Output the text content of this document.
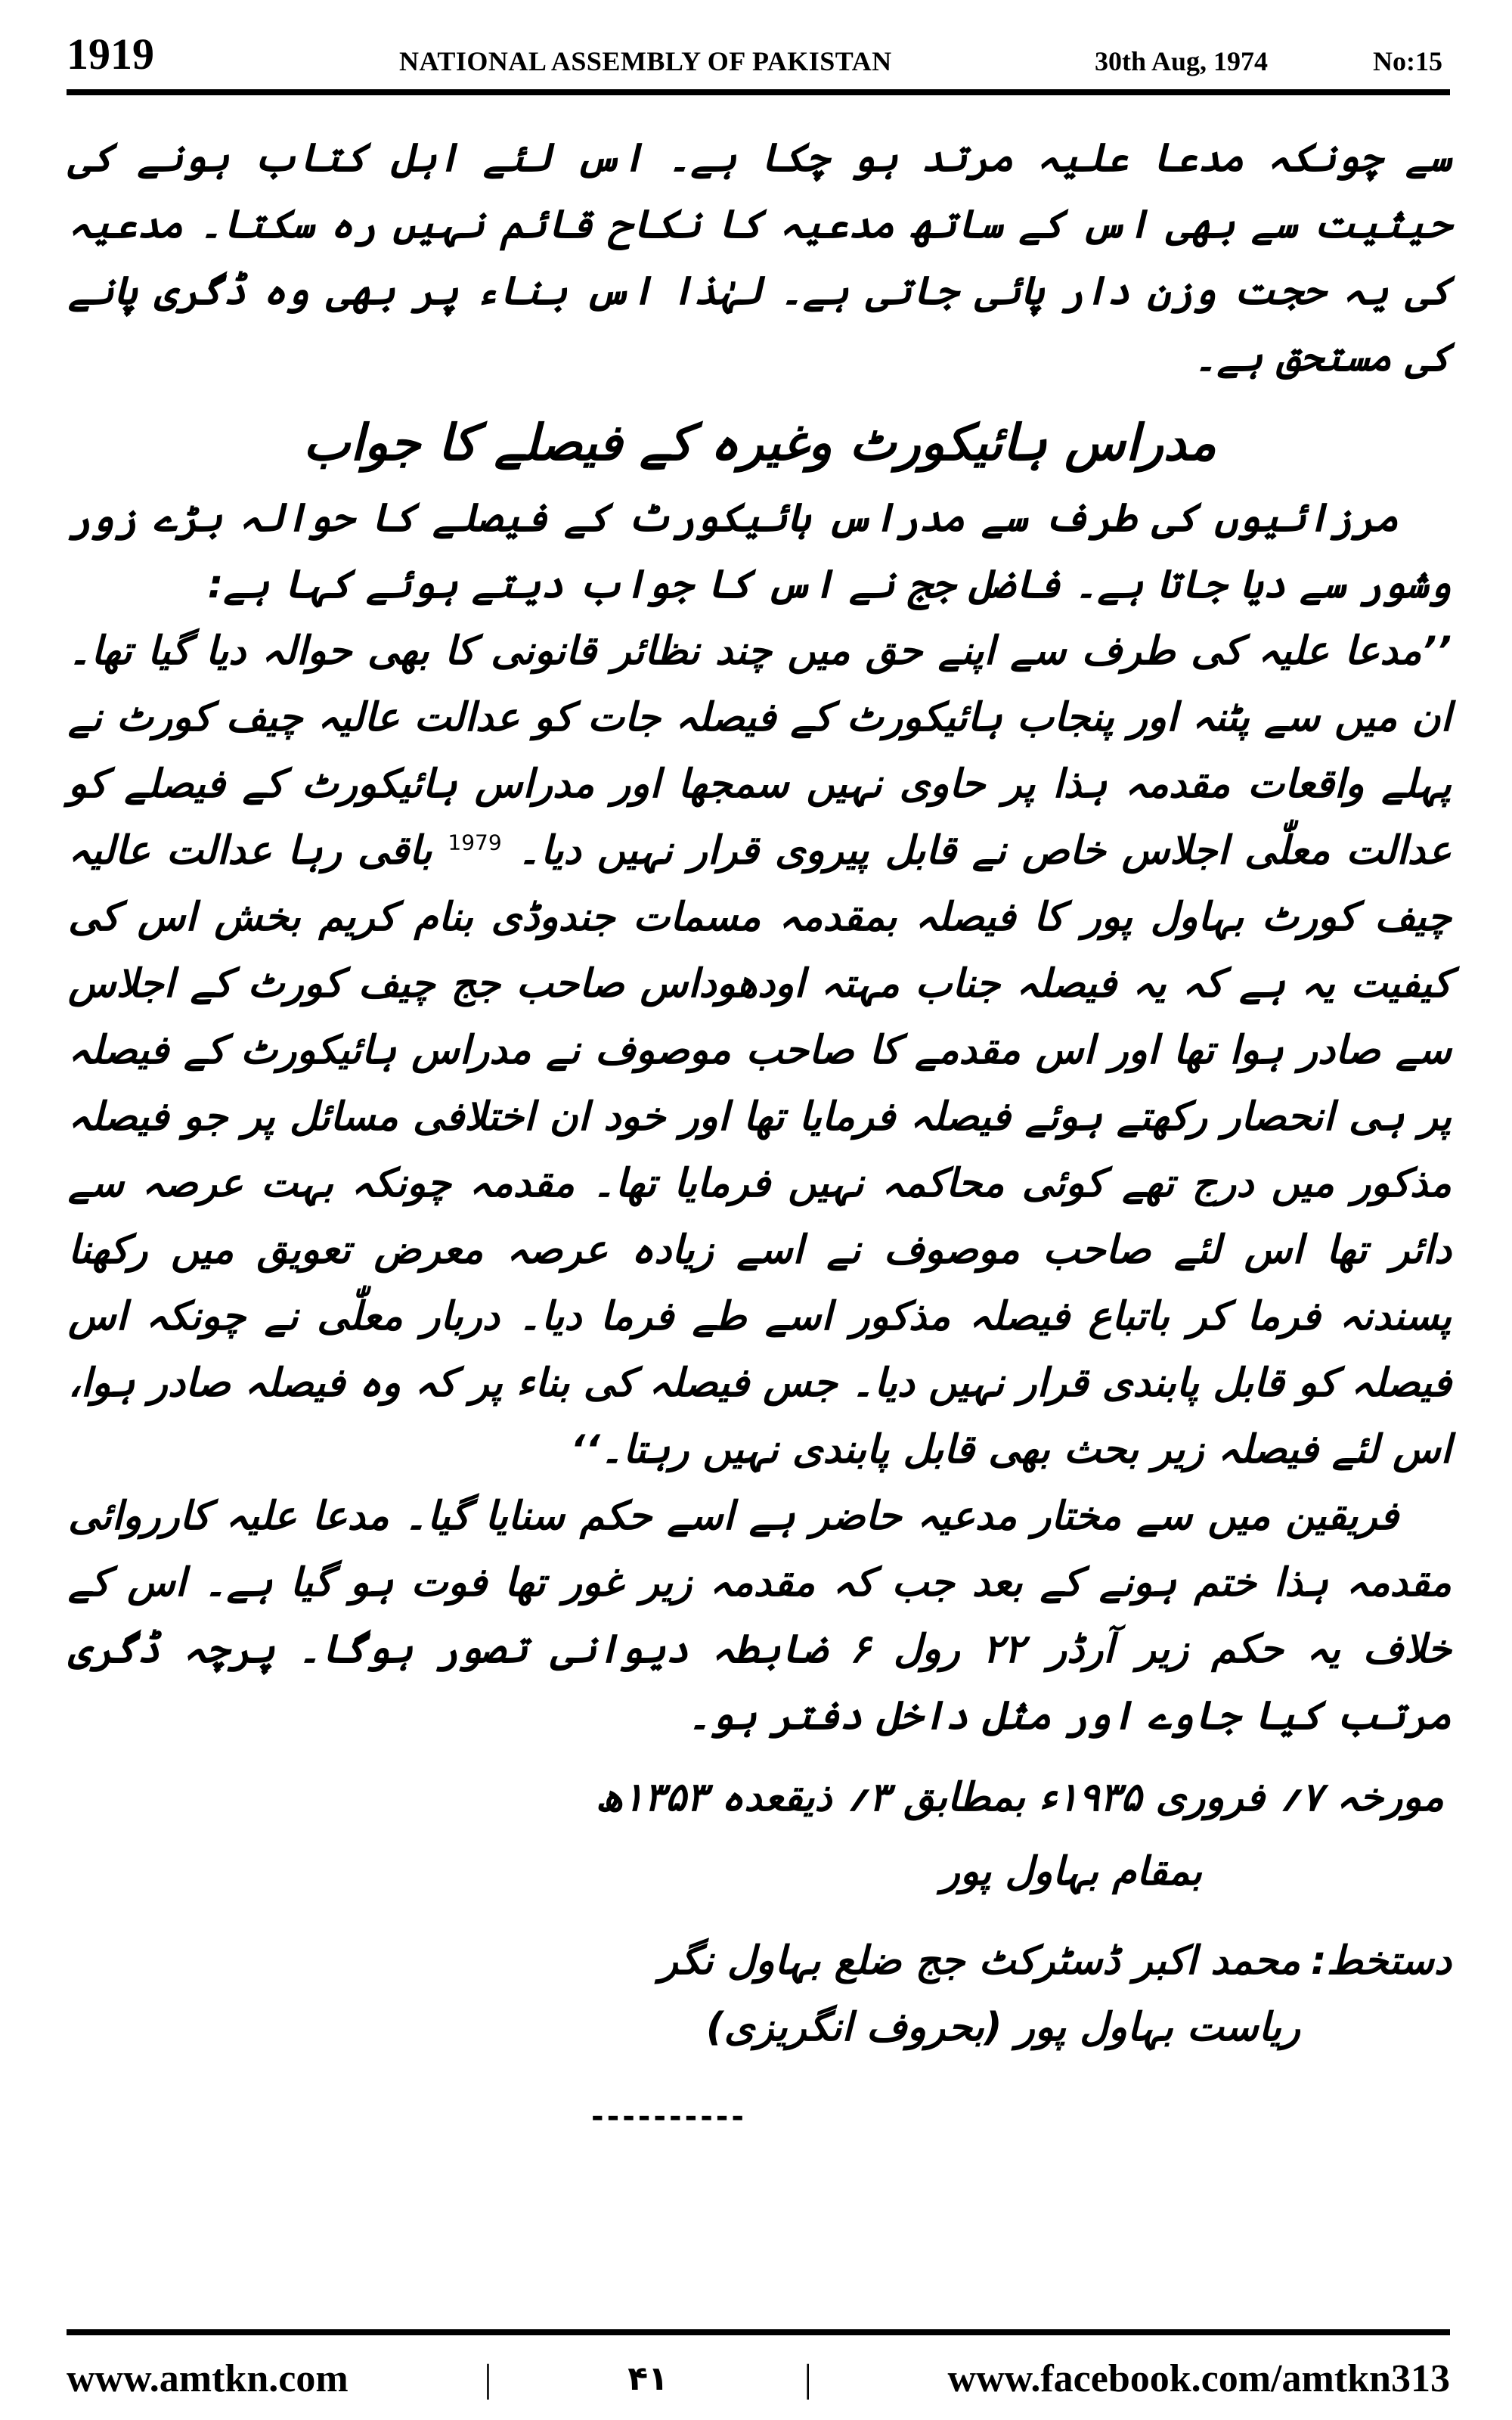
1919	NATIONAL ASSEMBLY OF PAKISTAN	30th Aug, 1974	No:15

سے چونکہ مدعا علیہ مرتد ہو چکا ہے۔ اس لئے اہل کتاب ہونے کی حیثیت سے بھی اس کے ساتھ مدعیہ کا نکاح قائم نہیں رہ سکتا۔ مدعیہ کی یہ حجت وزن دار پائی جاتی ہے۔ لہٰذا اس بناء پر بھی وہ ڈگری پانے کی مستحق ہے۔

مدراس ہائیکورٹ وغیرہ کے فیصلے کا جواب

مرزائیوں کی طرف سے مدراس ہائیکورٹ کے فیصلے کا حوالہ بڑے زور وشور سے دیا جاتا ہے۔ فاضل جج نے اس کا جواب دیتے ہوئے کہا ہے:

’’مدعا علیہ کی طرف سے اپنے حق میں چند نظائر قانونی کا بھی حوالہ دیا گیا تھا۔ ان میں سے پٹنہ اور پنجاب ہائیکورٹ کے فیصلہ جات کو عدالت عالیہ چیف کورٹ نے پہلے واقعات مقدمہ ہذا پر حاوی نہیں سمجھا اور مدراس ہائیکورٹ کے فیصلے کو عدالت معلّٰی اجلاس خاص نے قابل پیروی قرار نہیں دیا۔ $^{1979}$ باقی رہا عدالت عالیہ چیف کورٹ بہاول پور کا فیصلہ بمقدمہ مسمات جندوڈی بنام کریم بخش اس کی کیفیت یہ ہے کہ یہ فیصلہ جناب مہتہ اودھوداس صاحب جج چیف کورٹ کے اجلاس سے صادر ہوا تھا اور اس مقدمے کا صاحب موصوف نے مدراس ہائیکورٹ کے فیصلہ پر ہی انحصار رکھتے ہوئے فیصلہ فرمایا تھا اور خود ان اختلافی مسائل پر جو فیصلہ مذکور میں درج تھے کوئی محاکمہ نہیں فرمایا تھا۔ مقدمہ چونکہ بہت عرصہ سے دائر تھا اس لئے صاحب موصوف نے اسے زیادہ عرصہ معرض تعویق میں رکھنا پسندنہ فرما کر باتباع فیصلہ مذکور اسے طے فرما دیا۔ دربار معلّٰی نے چونکہ اس فیصلہ کو قابل پابندی قرار نہیں دیا۔ جس فیصلہ کی بناء پر کہ وہ فیصلہ صادر ہوا، اس لئے فیصلہ زیر بحث بھی قابل پابندی نہیں رہتا۔‘‘

فریقین میں سے مختار مدعیہ حاضر ہے اسے حکم سنایا گیا۔ مدعا علیہ کارروائی مقدمہ ہذا ختم ہونے کے بعد جب کہ مقدمہ زیر غور تھا فوت ہو گیا ہے۔ اس کے خلاف یہ حکم زیر آرڈر ۲۲ رول ۶ ضابطہ دیوانی تصور ہوگا۔ پرچہ ڈگری مرتب کیا جاوے اور مثل داخل دفتر ہو۔

مورخہ ۷؍ فروری ۱۹۳۵ء بمطابق ۳؍ ذیقعدہ ۱۳۵۳ھ

بمقام بہاول پور

دستخط:
محمد اکبر ڈسٹرکٹ جج ضلع بہاول نگر
ریاست بہاول پور (بحروف انگریزی)
----------
www.amtkn.com	|	۴۱	|	www.facebook.com/amtkn313
